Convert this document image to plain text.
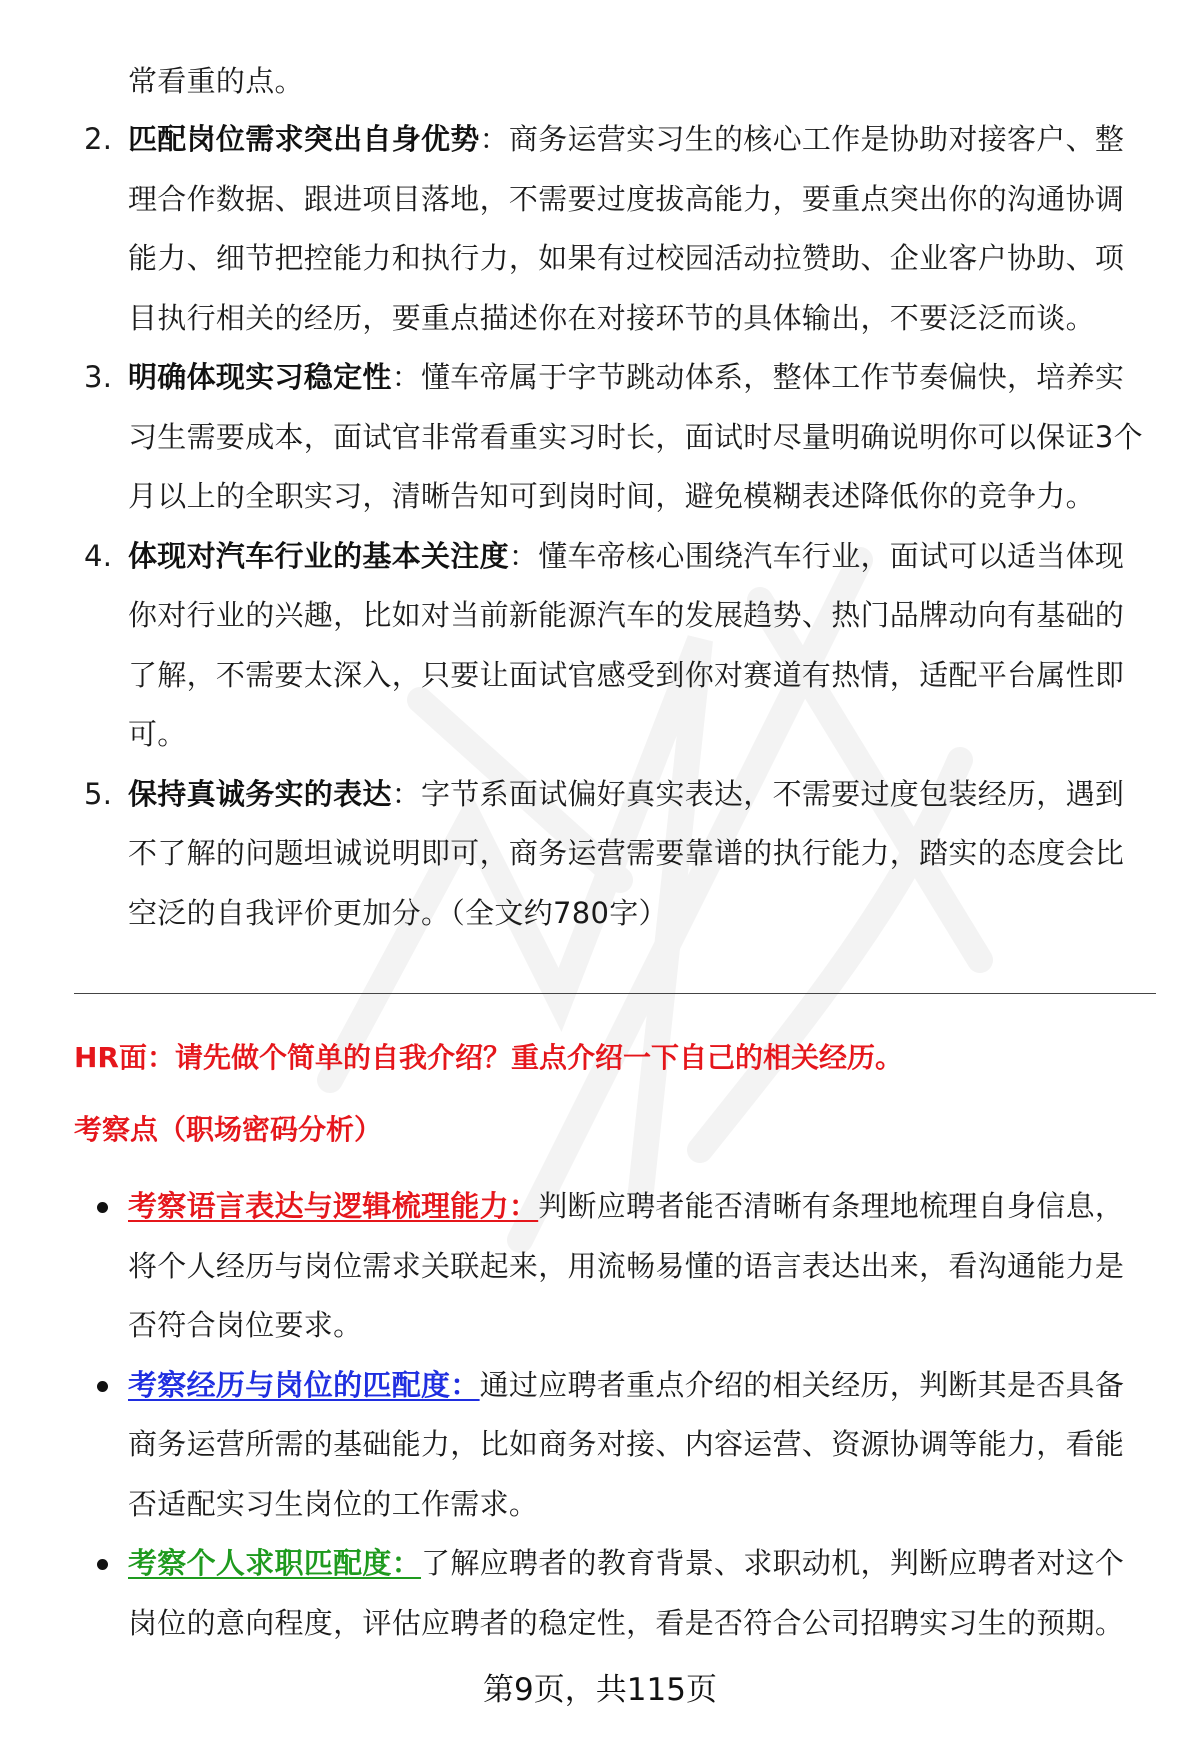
常看重的点。
2. 匹配岗位需求突出自身优势：商务运营实习生的核心工作是协助对接客户、整理合作数据、跟进项目落地，不需要过度拔高能力，要重点突出你的沟通协调能力、细节把控能力和执行力，如果有过校园活动拉赞助、企业客户协助、项目执行相关的经历，要重点描述你在对接环节的具体输出，不要泛泛而谈。
3. 明确体现实习稳定性：懂车帝属于字节跳动体系，整体工作节奏偏快，培养实习生需要成本，面试官非常看重实习时长，面试时尽量明确说明你可以保证3个月以上的全职实习，清晰告知可到岗时间，避免模糊表述降低你的竞争力。
4. 体现对汽车行业的基本关注度：懂车帝核心围绕汽车行业，面试可以适当体现你对行业的兴趣，比如对当前新能源汽车的发展趋势、热门品牌动向有基础的了解，不需要太深入，只要让面试官感受到你对赛道有热情，适配平台属性即可。
5. 保持真诚务实的表达：字节系面试偏好真实表达，不需要过度包装经历，遇到不了解的问题坦诚说明即可，商务运营需要靠谱的执行能力，踏实的态度会比空泛的自我评价更加分。（全文约780字）
HR面：请先做个简单的自我介绍？重点介绍一下自己的相关经历。
考察点（职场密码分析）
考察语言表达与逻辑梳理能力：判断应聘者能否清晰有条理地梳理自身信息，将个人经历与岗位需求关联起来，用流畅易懂的语言表达出来，看沟通能力是否符合岗位要求。
考察经历与岗位的匹配度：通过应聘者重点介绍的相关经历，判断其是否具备商务运营所需的基础能力，比如商务对接、内容运营、资源协调等能力，看能否适配实习生岗位的工作需求。
考察个人求职匹配度：了解应聘者的教育背景、求职动机，判断应聘者对这个岗位的意向程度，评估应聘者的稳定性，看是否符合公司招聘实习生的预期。
第9页，共115页
